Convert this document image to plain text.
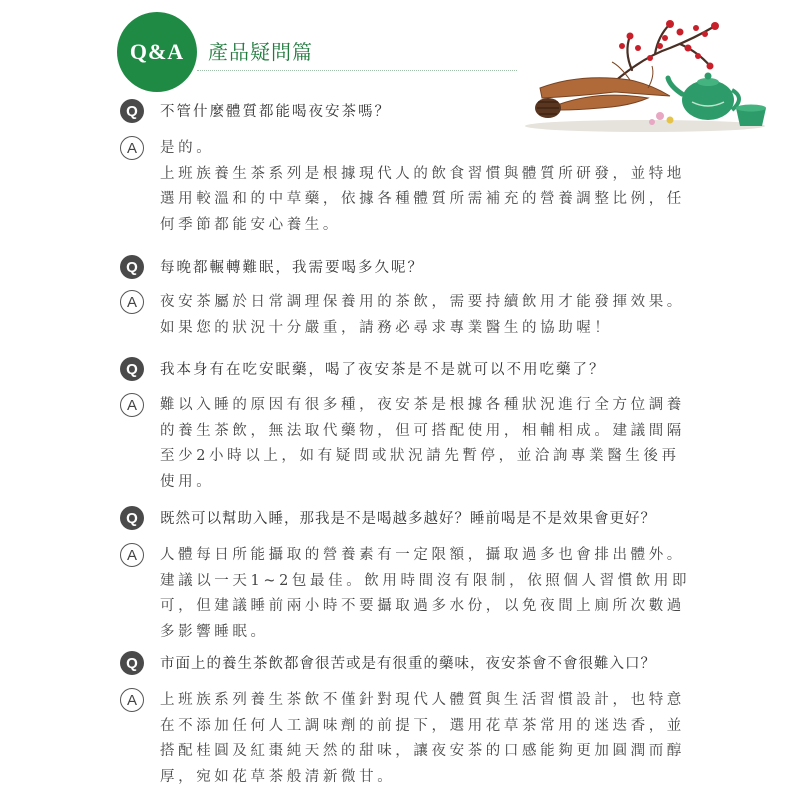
Q&A	產品疑問篇
Q	不管什麼體質都能喝夜安茶嗎？
A	是的。
上班族養生茶系列是根據現代人的飲食習慣與體質所研發，並特地
選用較溫和的中草藥，依據各種體質所需補充的營養調整比例，任
何季節都能安心養生。
Q	每晚都輾轉難眠，我需要喝多久呢？
A	夜安茶屬於日常調理保養用的茶飲，需要持續飲用才能發揮效果。
如果您的狀況十分嚴重，請務必尋求專業醫生的協助喔！
Q	我本身有在吃安眠藥，喝了夜安茶是不是就可以不用吃藥了？
A	難以入睡的原因有很多種，夜安茶是根據各種狀況進行全方位調養
的養生茶飲，無法取代藥物，但可搭配使用，相輔相成。建議間隔
至少2小時以上，如有疑問或狀況請先暫停，並洽詢專業醫生後再
使用。
Q	既然可以幫助入睡，那我是不是喝越多越好？睡前喝是不是效果會更好？
A	人體每日所能攝取的營養素有一定限額，攝取過多也會排出體外。
建議以一天1~2包最佳。飲用時間沒有限制，依照個人習慣飲用即
可，但建議睡前兩小時不要攝取過多水份，以免夜間上廁所次數過
多影響睡眠。
Q	市面上的養生茶飲都會很苦或是有很重的藥味，夜安茶會不會很難入口？
A	上班族系列養生茶飲不僅針對現代人體質與生活習慣設計，也特意
在不添加任何人工調味劑的前提下，選用花草茶常用的迷迭香，並
搭配桂圓及紅棗純天然的甜味，讓夜安茶的口感能夠更加圓潤而醇
厚，宛如花草茶般清新微甘。
